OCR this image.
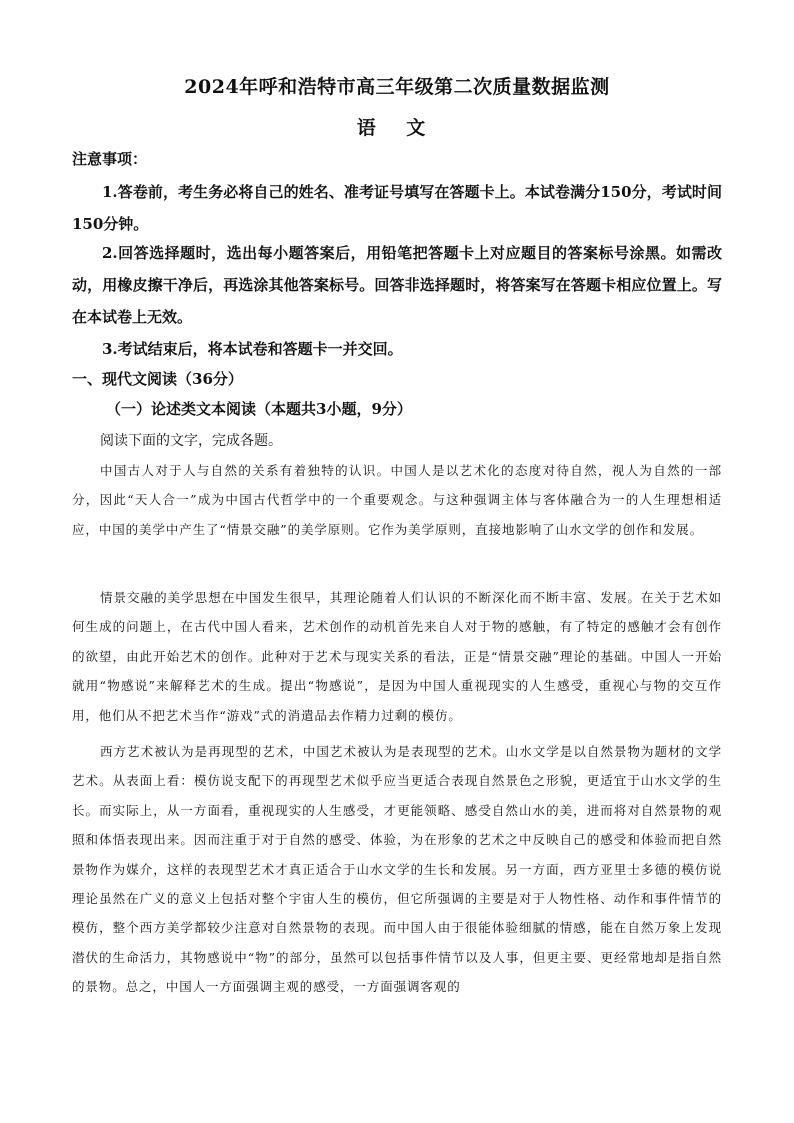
2024年呼和浩特市高三年级第二次质量数据监测
语 文
注意事项：

1.答卷前，考生务必将自己的姓名、准考证号填写在答题卡上。本试卷满分150分，考试时间 150分钟。

2.回答选择题时，选出每小题答案后，用铅笔把答题卡上对应题目的答案标号涂黑。如需改动，用橡皮擦干净后，再选涂其他答案标号。回答非选择题时，将答案写在答题卡相应位置上。写在本试卷上无效。

3.考试结束后，将本试卷和答题卡一并交回。

一、现代文阅读（36分）
（一）论述类文本阅读（本题共3小题，9分）
阅读下面的文字，完成各题。

中国古人对于人与自然的关系有着独特的认识。中国人是以艺术化的态度对待自然，视人为自然的一部分，因此“天人合一”成为中国古代哲学中的一个重要观念。与这种强调主体与客体融合为一的人生理想相适应，中国的美学中产生了“情景交融”的美学原则。它作为美学原则，直接地影响了山水文学的创作和发展。

情景交融的美学思想在中国发生很早，其理论随着人们认识的不断深化而不断丰富、发展。在关于艺术如何生成的问题上，在古代中国人看来，艺术创作的动机首先来自人对于物的感触，有了特定的感触才会有创作的欲望，由此开始艺术的创作。此种对于艺术与现实关系的看法，正是“情景交融”理论的基础。中国人一开始就用“物感说”来解释艺术的生成。提出“物感说”，是因为中国人重视现实的人生感受，重视心与物的交互作用，他们从不把艺术当作“游戏”式的消遣品去作精力过剩的模仿。

西方艺术被认为是再现型的艺术，中国艺术被认为是表现型的艺术。山水文学是以自然景物为题材的文学艺术。从表面上看：模仿说支配下的再现型艺术似乎应当更适合表现自然景色之形貌，更适宜于山水文学的生长。而实际上，从一方面看，重视现实的人生感受，才更能领略、感受自然山水的美，进而将对自然景物的观照和体悟表现出来。因而注重于对于自然的感受、体验，为在形象的艺术之中反映自己的感受和体验而把自然景物作为媒介，这样的表现型艺术才真正适合于山水文学的生长和发展。另一方面，西方亚里士多德的模仿说理论虽然在广义的意义上包括对整个宇宙人生的模仿，但它所强调的主要是对于人物性格、动作和事件情节的模仿，整个西方美学都较少注意对自然景物的表现。而中国人由于很能体验细腻的情感，能在自然万象上发现潜伏的生命活力，其物感说中“物”的部分，虽然可以包括事件情节以及人事，但更主要、更经常地却是指自然的景物。总之，中国人一方面强调主观的感受，一方面强调客观的
